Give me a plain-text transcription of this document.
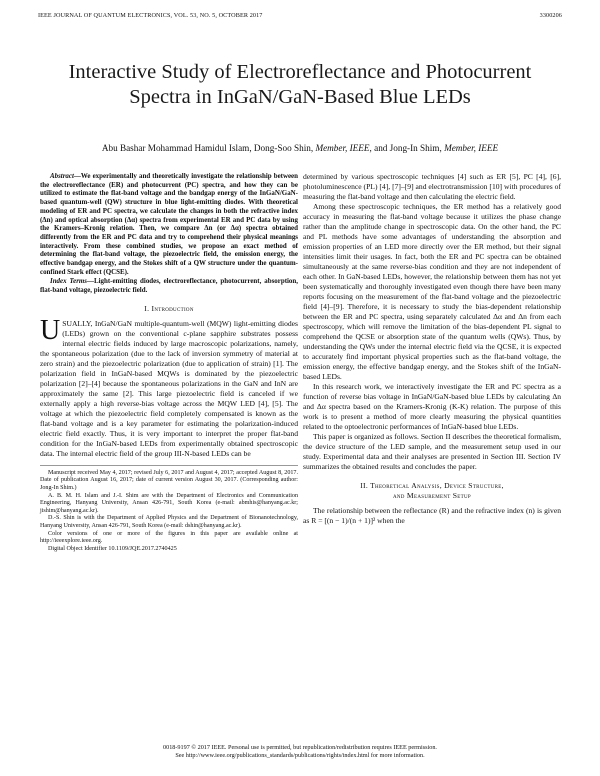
IEEE JOURNAL OF QUANTUM ELECTRONICS, VOL. 53, NO. 5, OCTOBER 2017	3300206
Interactive Study of Electroreflectance and Photocurrent Spectra in InGaN/GaN-Based Blue LEDs
Abu Bashar Mohammad Hamidul Islam, Dong-Soo Shin, Member, IEEE, and Jong-In Shim, Member, IEEE

Abstract—We experimentally and theoretically investigate the relationship between the electroreflectance (ER) and photocurrent (PC) spectra, and how they can be utilized to estimate the flat-band voltage and the bandgap energy of the InGaN/GaN-based quantum-well (QW) structure in blue light-emitting diodes. With theoretical modeling of ER and PC spectra, we calculate the changes in both the refractive index (Δn) and optical absorption (Δα) spectra from experimental ER and PC data by using the Kramers–Kronig relation. Then, we compare Δn (or Δα) spectra obtained differently from the ER and PC data and try to comprehend their physical meanings interactively. From these combined studies, we propose an exact method of determining the flat-band voltage, the piezoelectric field, the emission energy, the effective bandgap energy, and the Stokes shift of a QW structure under the quantum-confined Stark effect (QCSE).

Index Terms—Light-emitting diodes, electroreflectance, photocurrent, absorption, flat-band voltage, piezoelectric field.

I. Introduction

USUALLY, InGaN/GaN multiple-quantum-well (MQW) light-emitting diodes (LEDs) grown on the conventional c-plane sapphire substrates possess internal electric fields induced by large macroscopic polarizations, namely, the spontaneous polarization (due to the lack of inversion symmetry of material at zero strain) and the piezoelectric polarization (due to application of strain) [1]. The polarization field in InGaN-based MQWs is dominated by the piezoelectric polarization [2]–[4] because the spontaneous polarizations in the GaN and InN are approximately the same [2]. This large piezoelectric field is canceled if we externally apply a high reverse-bias voltage across the MQW LED [4], [5]. The voltage at which the piezoelectric field completely compensated is known as the flat-band voltage and is a key parameter for estimating the polarization-induced electric field exactly. Thus, it is very important to interpret the proper flat-band condition for the InGaN-based LEDs from experimentally obtained spectroscopic data. The internal electric field of the group III-N-based LEDs can be

Manuscript received May 4, 2017; revised July 6, 2017 and August 4, 2017; accepted August 8, 2017. Date of publication August 16, 2017; date of current version August 30, 2017. (Corresponding author: Jong-In Shim.)

A. B. M. H. Islam and J.-I. Shim are with the Department of Electronics and Communication Engineering, Hanyang University, Ansan 426-791, South Korea (e-mail: abmhis@hanyang.ac.kr; jishim@hanyang.ac.kr).

D.-S. Shin is with the Department of Applied Physics and the Department of Bionanotechnology, Hanyang University, Ansan 426-791, South Korea (e-mail: dshin@hanyang.ac.kr).

Color versions of one or more of the figures in this paper are available online at http://ieeexplore.ieee.org.

Digital Object Identifier 10.1109/JQE.2017.2740425

determined by various spectroscopic techniques [4] such as ER [5], PC [4], [6], photoluminescence (PL) [4], [7]–[9] and electrotransmission [10] with procedures of measuring the flat-band voltage and then calculating the electric field.

Among these spectroscopic techniques, the ER method has a relatively good accuracy in measuring the flat-band voltage because it utilizes the phase change rather than the amplitude change in spectroscopic data. On the other hand, the PC and PL methods have some advantages of understanding the absorption and emission properties of an LED more directly over the ER method, but their signal intensities limit their usages. In fact, both the ER and PC spectra can be obtained simultaneously at the same reverse-bias condition and they are not independent of each other. In GaN-based LEDs, however, the relationship between them has not yet been systematically and thoroughly investigated even though there have been many reports focusing on the measurement of the flat-band voltage and the piezoelectric field [4]–[9]. Therefore, it is necessary to study the bias-dependent relationship between the ER and PC spectra, using separately calculated Δα and Δn from each spectroscopy, which will remove the limitation of the bias-dependent PL signal to comprehend the QCSE or absorption state of the quantum wells (QWs). Thus, by understanding the QWs under the internal electric field via the QCSE, it is expected to accurately find important physical properties such as the flat-band voltage, the emission energy, the effective bandgap energy, and the Stokes shift of the InGaN-based LEDs.

In this research work, we interactively investigate the ER and PC spectra as a function of reverse bias voltage in InGaN/GaN-based blue LEDs by calculating Δn and Δα spectra based on the Kramers-Kronig (K-K) relation. The purpose of this work is to present a method of more clearly measuring the physical quantities related to the optoelectronic performances of InGaN-based blue LEDs.

This paper is organized as follows. Section II describes the theoretical formalism, the device structure of the LED sample, and the measurement setup used in our study. Experimental data and their analyses are presented in Section III. Section IV summarizes the obtained results and concludes the paper.

II. Theoretical Analysis, Device Structure,
and Measurement Setup

The relationship between the reflectance (R) and the refractive index (n) is given as R = [(n − 1)/(n + 1)]² when the

0018-9197 © 2017 IEEE. Personal use is permitted, but republication/redistribution requires IEEE permission.
See http://www.ieee.org/publications_standards/publications/rights/index.html for more information.
